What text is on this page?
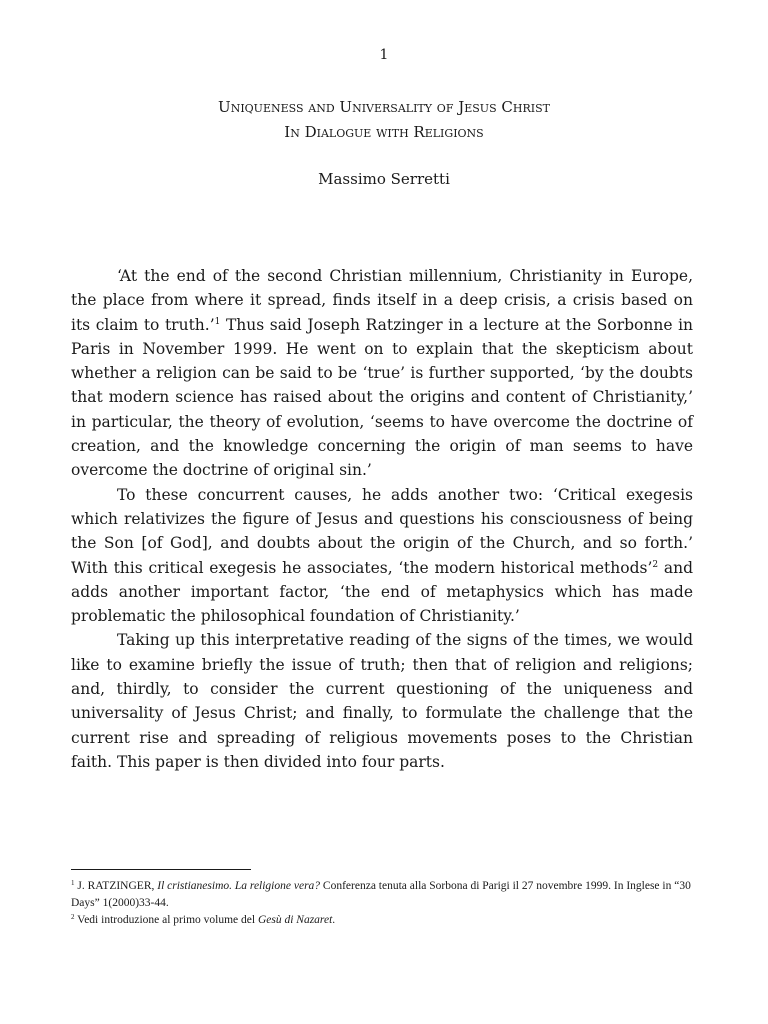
1
Uniqueness and Universality of Jesus Christ
In Dialogue with Religions
Massimo Serretti

‘At the end of the second Christian millennium, Christianity in Europe, the place from where it spread, finds itself in a deep crisis, a crisis based on its claim to truth.’$^1$ Thus said Joseph Ratzinger in a lecture at the Sorbonne in Paris in November 1999. He went on to explain that the skepticism about whether a religion can be said to be ‘true’ is further supported, ‘by the doubts that modern science has raised about the origins and content of Christianity,’ in particular, the theory of evolution, ‘seems to have overcome the doctrine of creation, and the knowledge concerning the origin of man seems to have overcome the doctrine of original sin.’

To these concurrent causes, he adds another two: ‘Critical exegesis which relativizes the figure of Jesus and questions his consciousness of being the Son [of God], and doubts about the origin of the Church, and so forth.’ With this critical exegesis he associates, ‘the modern historical methods’$^2$ and adds another important factor, ‘the end of metaphysics which has made problematic the philosophical foundation of Christianity.’

Taking up this interpretative reading of the signs of the times, we would like to examine briefly the issue of truth; then that of religion and religions; and, thirdly, to consider the current questioning of the uniqueness and universality of Jesus Christ; and finally, to formulate the challenge that the current rise and spreading of religious movements poses to the Christian faith. This paper is then divided into four parts.

$^1$ J. RATZINGER, Il cristianesimo. La religione vera? Conferenza tenuta alla Sorbona di Parigi il 27 novembre 1999. In Inglese in “30 Days” 1(2000)33-44.

$^2$ Vedi introduzione al primo volume del Gesù di Nazaret.
